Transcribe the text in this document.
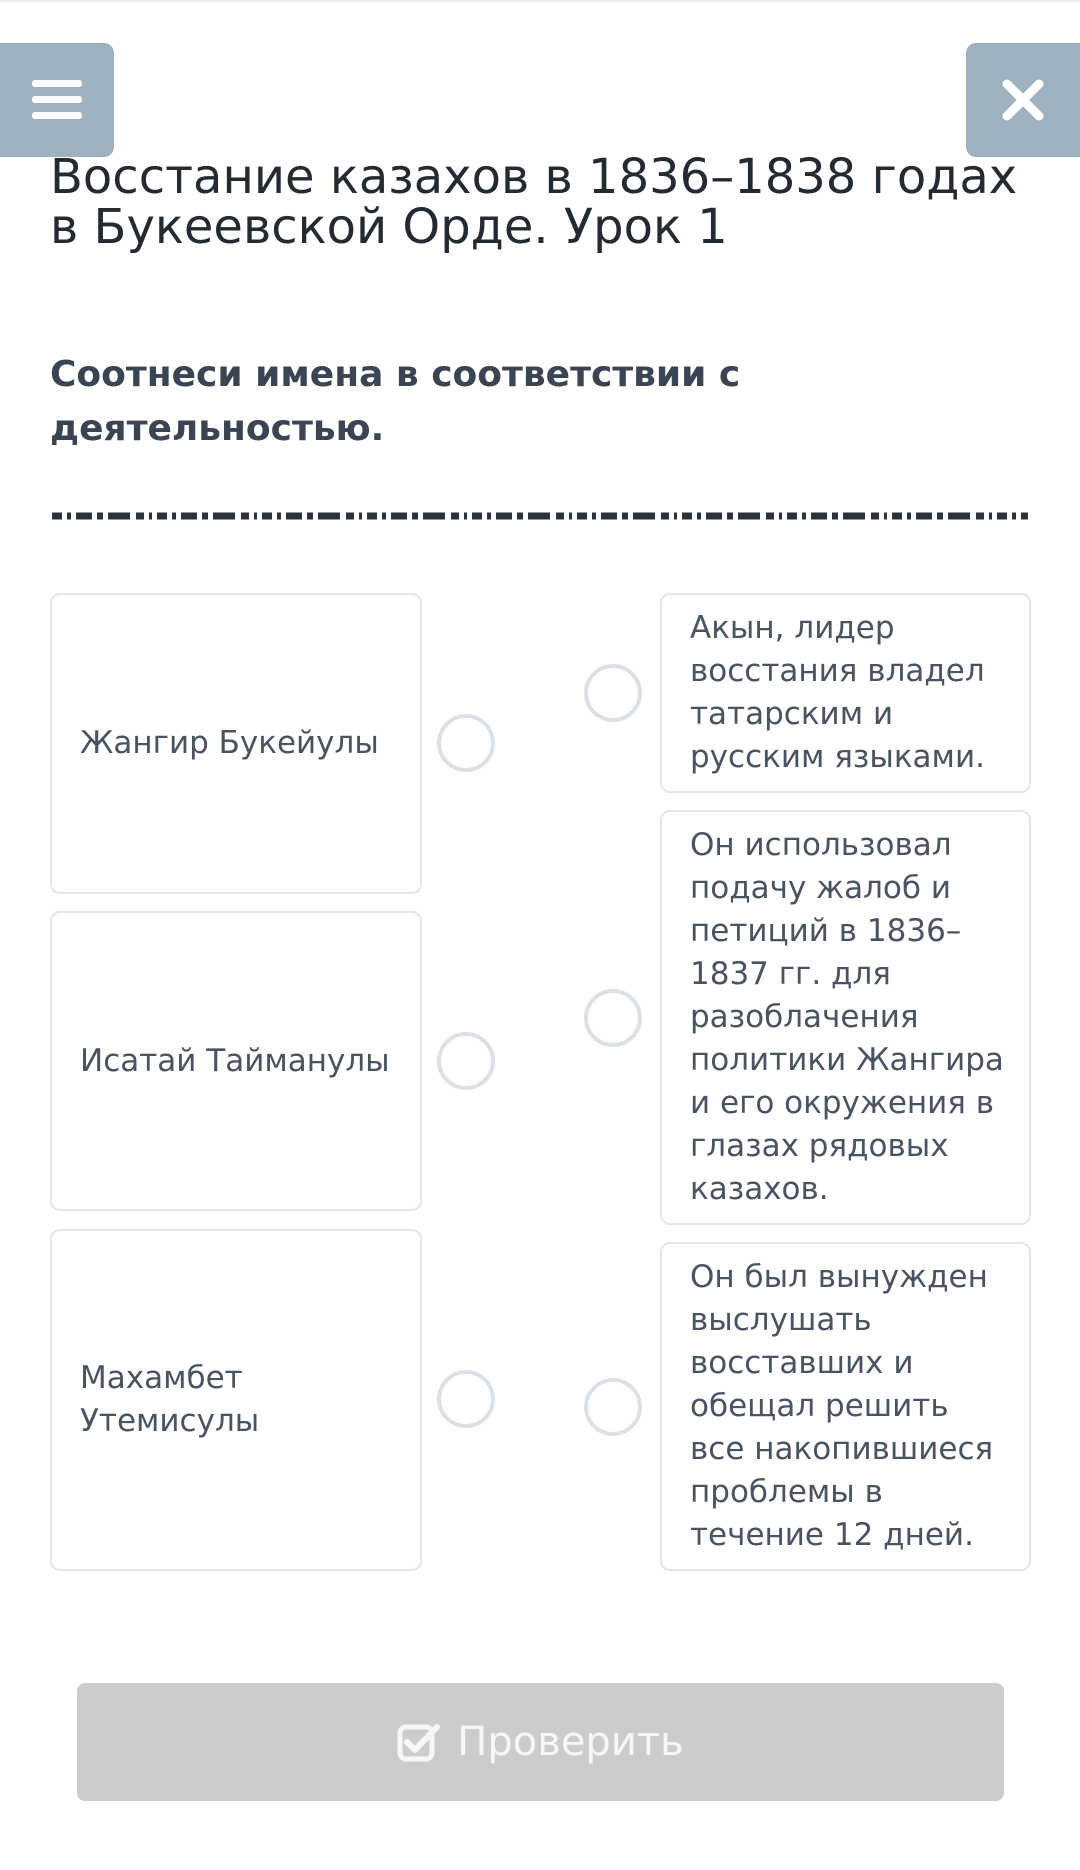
Восстание казахов в 1836–1838 годах в Букеевской Орде. Урок 1
Соотнеси имена в соответствии с деятельностью.
Жангир Букейулы
Исатай Тайманулы
Махамбет Утемисулы
Акын, лидер восстания владел татарским и русским языками.
Он использовал подачу жалоб и петиций в 1836–1837 гг. для разоблачения политики Жангира и его окружения в глазах рядовых казахов.
Он был вынужден выслушать восставших и обещал решить все накопившиеся проблемы в течение 12 дней.
Проверить
